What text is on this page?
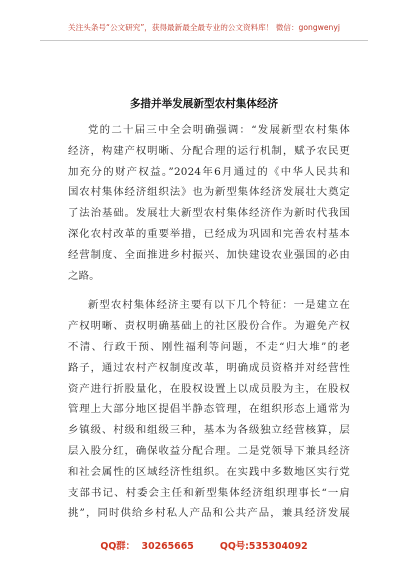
关注头条号“公文研究”，获得最新最全最专业的公文资料库！ 微信：gongwenyj
多措并举发展新型农村集体经济
党的二十届三中全会明确强调：“发展新型农村集体
经济，构建产权明晰、分配合理的运行机制，赋予农民更
加充分的财产权益。”2024年6月通过的《中华人民共和
国农村集体经济组织法》也为新型集体经济发展壮大奠定
了法治基础。发展壮大新型农村集体经济作为新时代我国
深化农村改革的重要举措，已经成为巩固和完善农村基本
经营制度、全面推进乡村振兴、加快建设农业强国的必由
之路。
新型农村集体经济主要有以下几个特征：一是建立在
产权明晰、责权明确基础上的社区股份合作。为避免产权
不清、行政干预、刚性福利等问题，不走“归大堆”的老
路子，通过农村产权制度改革，明确成员资格并对经营性
资产进行折股量化，在股权设置上以成员股为主，在股权
管理上大部分地区提倡半静态管理，在组织形态上通常为
乡镇级、村级和组级三种，基本为各级独立经营核算，层
层入股分红，确保收益分配合理。二是党领导下兼具经济
和社会属性的区域经济性组织。在实践中多数地区实行党
支部书记、村委会主任和新型集体经济组织理事长“一肩
挑”，同时供给乡村私人产品和公共产品，兼具经济发展
QQ群：  30265665        QQ号:535304092
